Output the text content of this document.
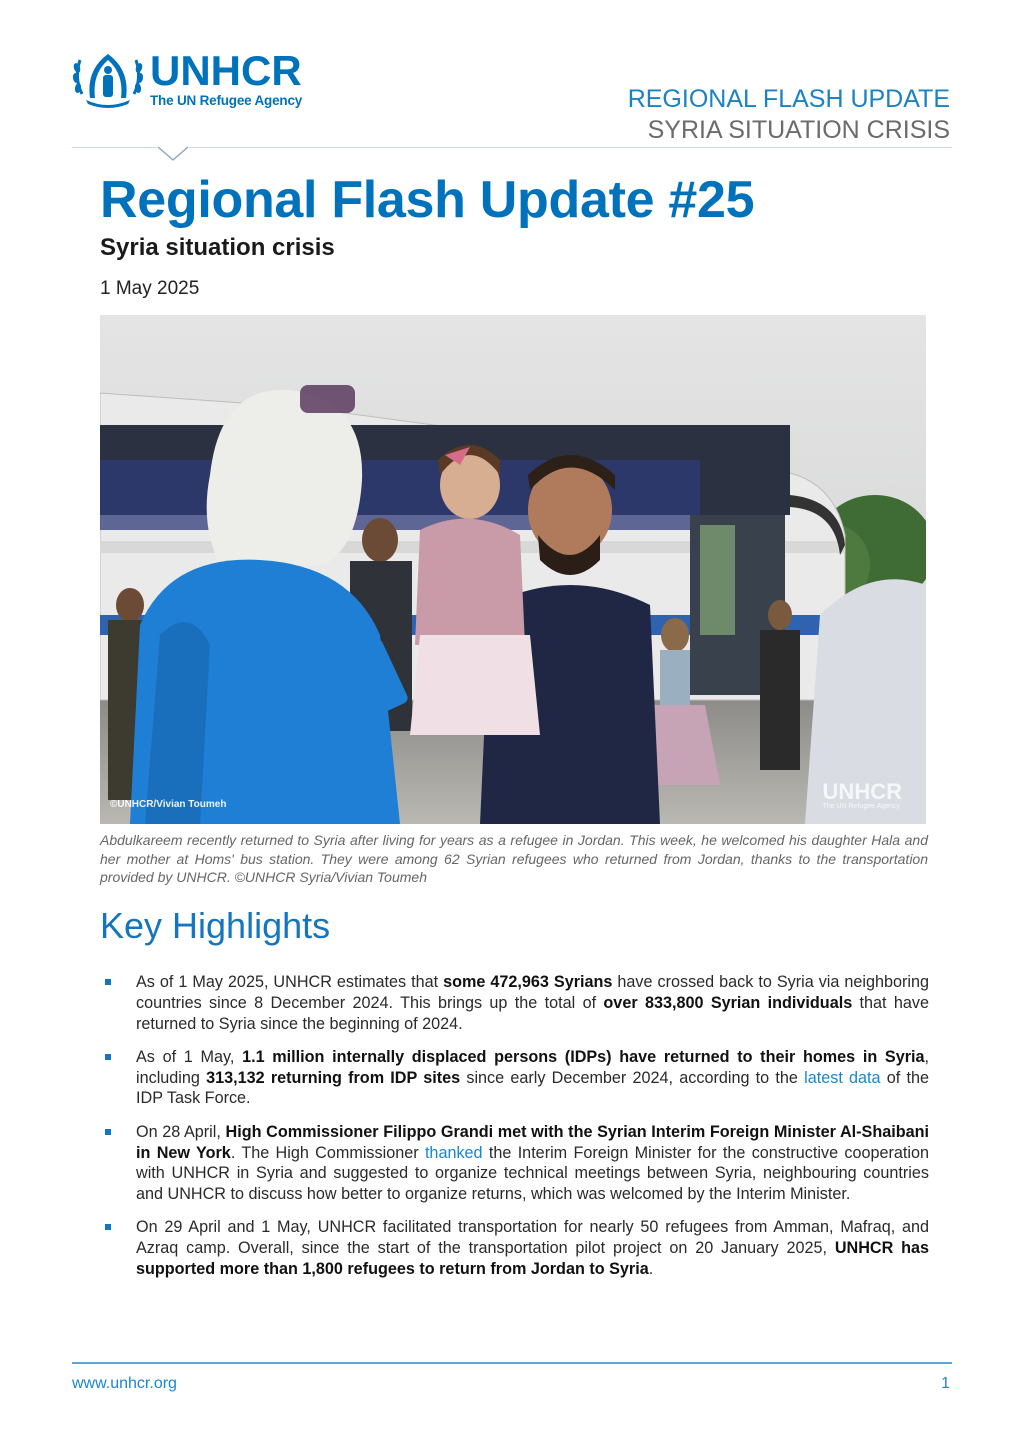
UNHCR
The UN Refugee Agency	REGIONAL FLASH UPDATE
SYRIA SITUATION CRISIS
Regional Flash Update #25
Syria situation crisis
1 May 2025
©UNHCR/Vivian Toumeh
UNHCR
The UN Refugee Agency
Abdulkareem recently returned to Syria after living for years as a refugee in Jordan. This week, he welcomed his daughter Hala and her mother at Homs' bus station. They were among 62 Syrian refugees who returned from Jordan, thanks to the transportation provided by UNHCR. ©UNHCR Syria/Vivian Toumeh
Key Highlights
As of 1 May 2025, UNHCR estimates that some 472,963 Syrians have crossed back to Syria via neighboring countries since 8 December 2024. This brings up the total of over 833,800 Syrian individuals that have returned to Syria since the beginning of 2024.
As of 1 May, 1.1 million internally displaced persons (IDPs) have returned to their homes in Syria, including 313,132 returning from IDP sites since early December 2024, according to the latest data of the IDP Task Force.
On 28 April, High Commissioner Filippo Grandi met with the Syrian Interim Foreign Minister Al-Shaibani in New York. The High Commissioner thanked the Interim Foreign Minister for the constructive cooperation with UNHCR in Syria and suggested to organize technical meetings between Syria, neighbouring countries and UNHCR to discuss how better to organize returns, which was welcomed by the Interim Minister.
On 29 April and 1 May, UNHCR facilitated transportation for nearly 50 refugees from Amman, Mafraq, and Azraq camp. Overall, since the start of the transportation pilot project on 20 January 2025, UNHCR has supported more than 1,800 refugees to return from Jordan to Syria.
www.unhcr.org	1
